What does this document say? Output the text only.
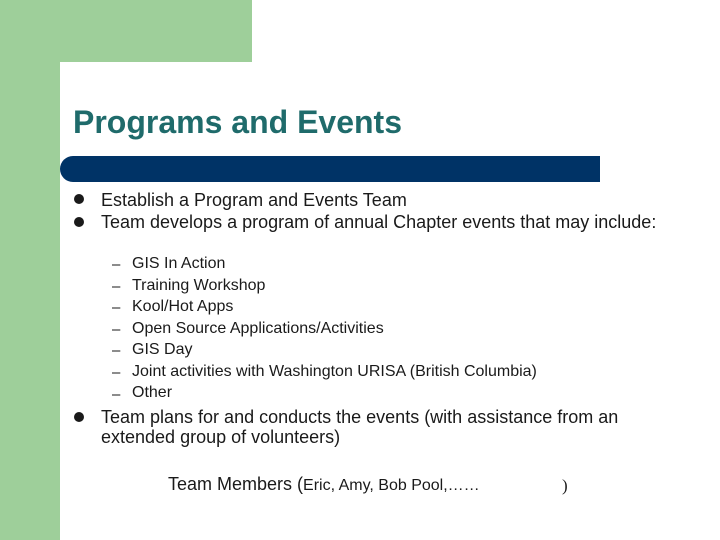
Programs and Events
Establish a Program and Events Team
Team develops a program of annual Chapter events that may include:
– GIS In Action
– Training Workshop
– Kool/Hot Apps
– Open Source Applications/Activities
– GIS Day
– Joint activities with Washington URISA (British Columbia)
– Other
Team plans for and conducts the events (with assistance from an extended group of volunteers)
Team Members (Eric, Amy, Bob Pool,……	)
